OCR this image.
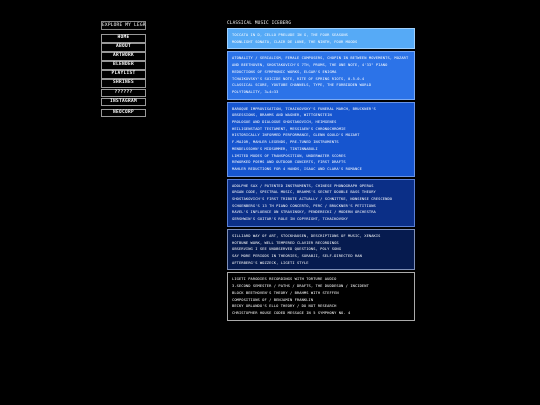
EXPLORE MY LEGR
HOME
ABOUT
ARTWORK
BLENDER
PLAYLIST
SHRINES
??????
INSTAGRAM
NEOCORP
CLASSICAL MUSIC ICEBERG
TOCCATA IN D, CELLO PRELUDE IN G, THE FOUR SEASONS
MOONLIGHT SONATA, CLAIR DE LUNE, THE NINTH, FOUR MOODS
ATONALITY / SERIALISM, FEMALE COMPOSERS, CHOPIN IN BETWEEN MOVEMENTS, MOZART
AND BEETHOVEN, SHOSTAKOVICH'S 7TH, PROMS, THE ONE NOTE, 4'33" PIANO
REDUCTIONS OF SYMPHONIC WORKS, ELGAR'S ENIGMA
TCHAIKOVSKY'S SUICIDE NOTE, RITE OF SPRING RIOTS, 0-5-0-4
CLASSICAL SCORE, YOUTUBE CHANNELS, TYPE, THE FORBIDDEN WORLD
POLYTONALITY, 3+4=33
BAROQUE IMPROVISATION, TCHAIKOVSKY'S FUNERAL MARCH, BRUCKNER'S
OBSESSIONS, BRAHMS AND WAGNER, WITTGENSTEIN
PROLOGUE AND DIALOGUE SHOSTAKOVICH, HEIMGENES
HEILIGENSTADT TESTAMENT, MESSIAEN'S CHRONOCHROMIE
HISTORICALLY INFORMED PERFORMANCE, GLENN GOULD'S MOZART
F-MAJOR, MAHLER LEGENDS, PRE-TUNED INSTRUMENTS
MENDELSSOHN'S MIDSUMMER, TINTINNABULI
LIMITED MODES OF TRANSPOSITION, UNDERWATER SCORES
REWORKED POEMS AND OUTDOOR CONCERTS, FIRST DRAFTS
MAHLER REDUCTIONS FOR 4 HANDS, ISAAC AND CLARA'S ROMANCE
ADOLPHE SAX / PATENTED INSTRUMENTS, CHINESE PHONOGRAPH OPERAS
ORGAN CODE, SPECTRAL MUSIC, BRAHMS'S SECRET DOUBLE BASS THEORY
SHOSTAKOVICH'S FIRST TRIBUTE ACTUALLY / SCHNITTKE, NONSENSE CRESCENDO
SCHOENBERG'S 13 TH PIANO CONCERTO, PERC / BRUCKNER'S PETITIONS
RAVEL'S INFLUENCE ON STRAVINSKY, PENDERECKI / MODERN ORCHESTRA
GERSHWIN'S GUITAR'S ROLE IN COPYRIGHT, TCHAIKOVSKY
SILLIARD WAY OF ART, STOCKHAUSEN, DESCRIPTIONS OF MUSIC, XENAKIS
HOTBUNE WORK, WELL TEMPERED CLAVIER RECORDINGS
OBSERVING I SEE UNOBSERVED QUESTIONS, POLY SONG
SAY MORE PERIODS IN THEORIES, SORABJI, SELF-DIRECTED RAN
AFTERBERG'S WOZZECK, LIGETI STYLE
LIGETI PARODIES RECORDINGS WITH TORTURE AUDIO
3-SECOND SEMESTER / PATHS / DRAFTS, THE DUDDESON / INCIDENT
BLOCK BEETHOVEN'S THEORY / BRAHMS WITH STEFFEN
COMPOSITIONS OF / BENJAMIN FRANKLIN
BECKY ORLANDO'S ELLO THEORY / DO NOT RESEARCH
CHRISTOPHER HOUSE CODED MESSAGE IN 5 SYMPHONY NO. 4
